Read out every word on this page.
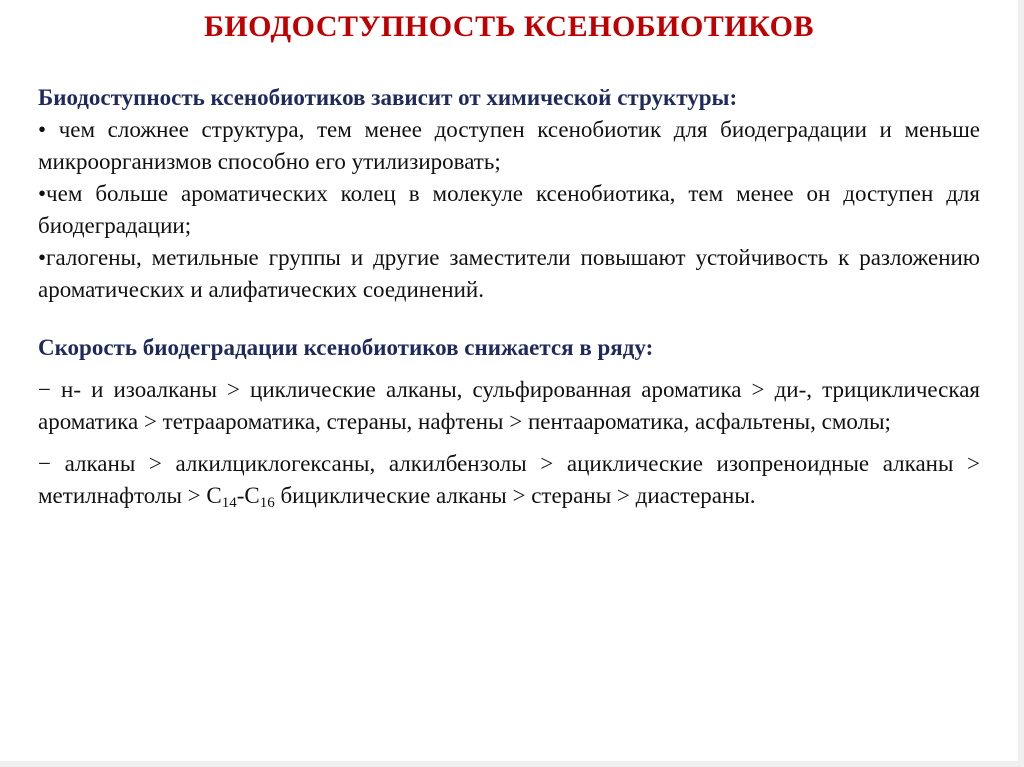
БИОДОСТУПНОСТЬ КСЕНОБИОТИКОВ

Биодоступность ксенобиотиков зависит от химической структуры:

• чем сложнее структура, тем менее доступен ксенобиотик для биодеградации и меньше микроорганизмов способно его утилизировать;

•чем больше ароматических колец в молекуле ксенобиотика, тем менее он доступен для биодеградации;

•галогены, метильные группы и другие заместители повышают устойчивость к разложению ароматических и алифатических соединений.

Скорость биодеградации ксенобиотиков снижается в ряду:

− н- и изоалканы > циклические алканы, сульфированная ароматика > ди-, трициклическая ароматика > тетраароматика, стераны, нафтены > пентаароматика, асфальтены, смолы;

− алканы > алкилциклогексаны, алкилбензолы > ациклические изопреноидные алканы > метилнафтолы > $C_{14}-C_{16}$ бициклические алканы > стераны > диастераны.
